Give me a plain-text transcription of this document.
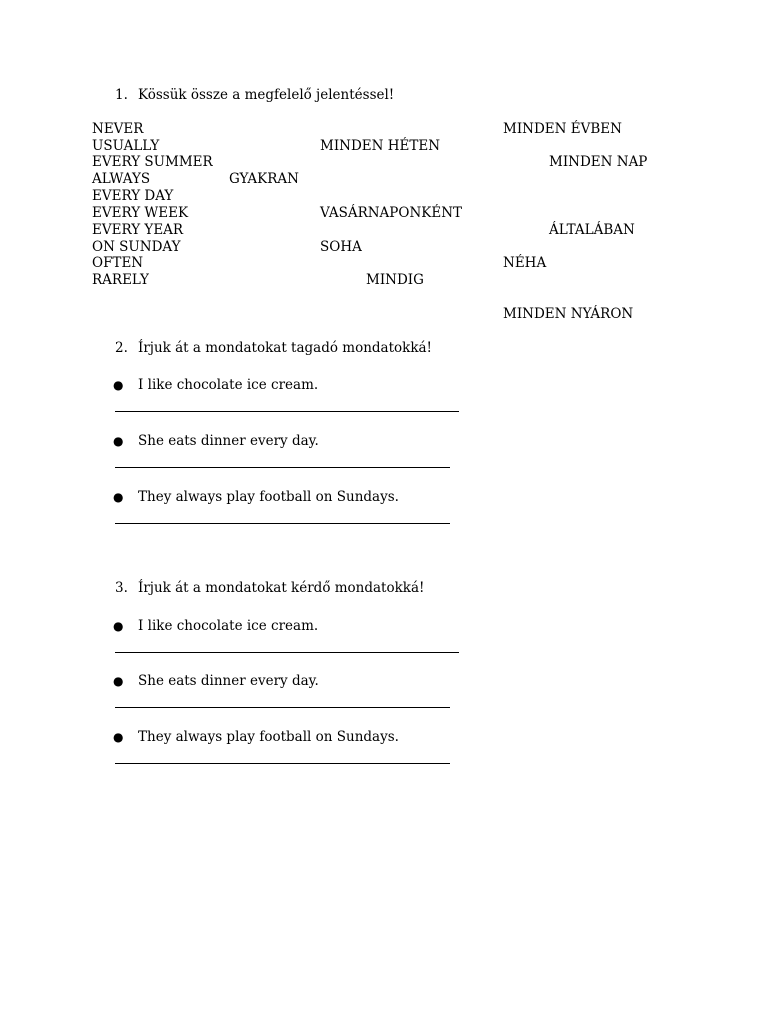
1. Kössük össze a megfelelő jelentéssel!
NEVER
USUALLY
EVERY SUMMER
ALWAYS
EVERY DAY
EVERY WEEK
EVERY YEAR
ON SUNDAY
OFTEN
RARELY
MINDEN ÉVBEN
MINDEN HÉTEN
MINDEN NAP
GYAKRAN
VASÁRNAPONKÉNT
ÁLTALÁBAN
SOHA
NÉHA
MINDIG
MINDEN NYÁRON
2. Írjuk át a mondatokat tagadó mondatokká!
● I like chocolate ice cream.
● She eats dinner every day.
● They always play football on Sundays.
3. Írjuk át a mondatokat kérdő mondatokká!
● I like chocolate ice cream.
● She eats dinner every day.
● They always play football on Sundays.
